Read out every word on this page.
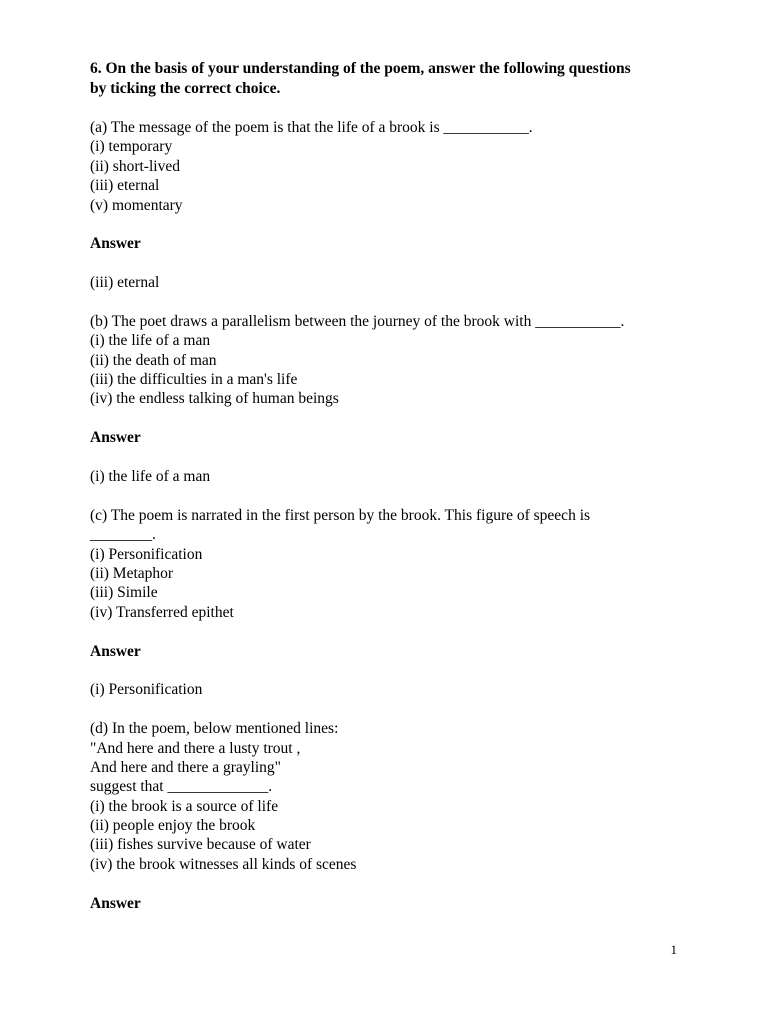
6. On the basis of your understanding of the poem, answer the following questions
by ticking the correct choice.
(a) The message of the poem is that the life of a brook is ___________.
(i) temporary
(ii) short-lived
(iii) eternal
(v) momentary
Answer
(iii) eternal
(b) The poet draws a parallelism between the journey of the brook with ___________.
(i) the life of a man
(ii) the death of man
(iii) the difficulties in a man's life
(iv) the endless talking of human beings
Answer
(i) the life of a man
(c) The poem is narrated in the first person by the brook. This figure of speech is
________.
(i) Personification
(ii) Metaphor
(iii) Simile
(iv) Transferred epithet
Answer
(i) Personification
(d) In the poem, below mentioned lines:
"And here and there a lusty trout ,
And here and there a grayling"
suggest that _____________.
(i) the brook is a source of life
(ii) people enjoy the brook
(iii) fishes survive because of water
(iv) the brook witnesses all kinds of scenes
Answer
1
